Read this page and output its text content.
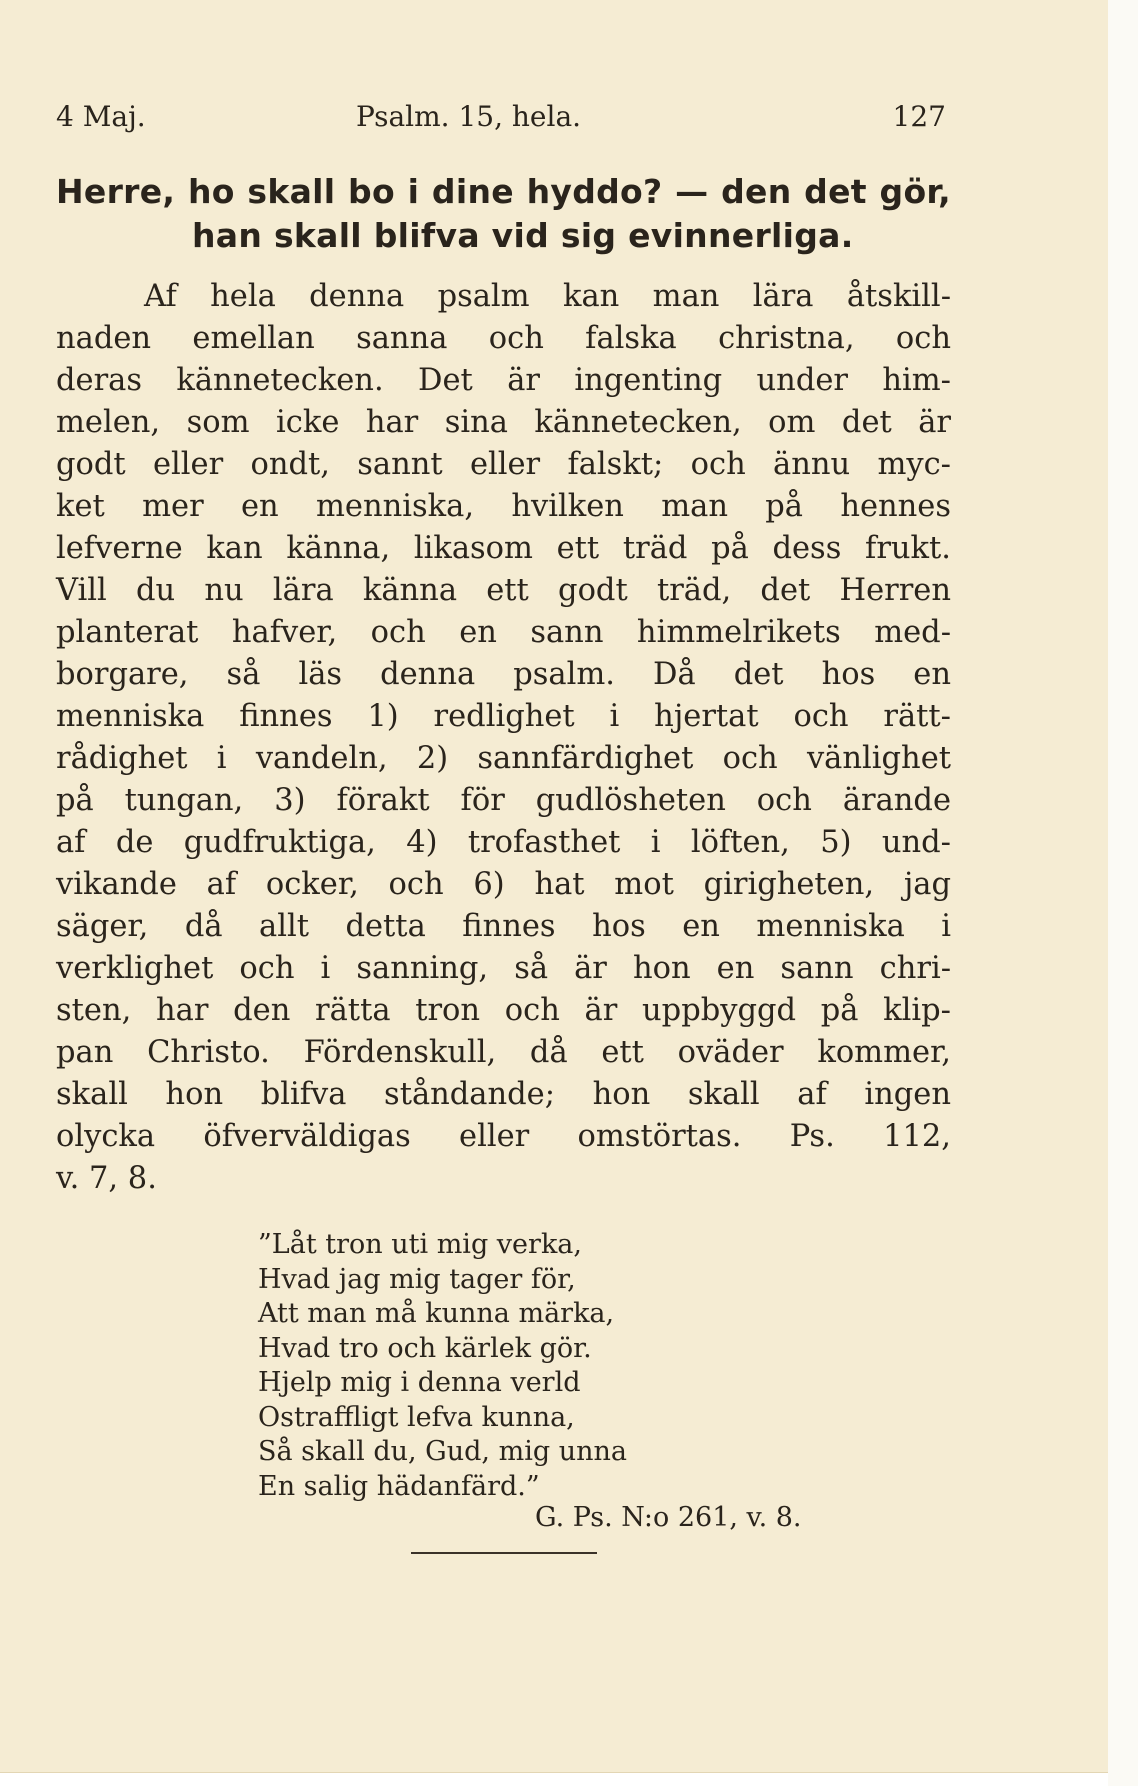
4 Maj.	Psalm. 15, hela.	127
Herre, ho skall bo i dine hyddo? — den det gör,
han skall blifva vid sig evinnerliga.
Af hela denna psalm kan man lära åtskill-
naden emellan sanna och falska christna, och
deras kännetecken. Det är ingenting under him-
melen, som icke har sina kännetecken, om det är
godt eller ondt, sannt eller falskt; och ännu myc-
ket mer en menniska, hvilken man på hennes
lefverne kan känna, likasom ett träd på dess frukt.
Vill du nu lära känna ett godt träd, det Herren
planterat hafver, och en sann himmelrikets med-
borgare, så läs denna psalm. Då det hos en
menniska finnes 1) redlighet i hjertat och rätt-
rådighet i vandeln, 2) sannfärdighet och vänlighet
på tungan, 3) förakt för gudlösheten och ärande
af de gudfruktiga, 4) trofasthet i löften, 5) und-
vikande af ocker, och 6) hat mot girigheten, jag
säger, då allt detta finnes hos en menniska i
verklighet och i sanning, så är hon en sann chri-
sten, har den rätta tron och är uppbyggd på klip-
pan Christo. Fördenskull, då ett oväder kommer,
skall hon blifva ståndande; hon skall af ingen
olycka öfverväldigas eller omstörtas. Ps. 112,
v. 7, 8.
”Låt tron uti mig verka,
Hvad jag mig tager för,
Att man må kunna märka,
Hvad tro och kärlek gör.
Hjelp mig i denna verld
Ostraffligt lefva kunna,
Så skall du, Gud, mig unna
En salig hädanfärd.”
G. Ps. N:o 261, v. 8.
